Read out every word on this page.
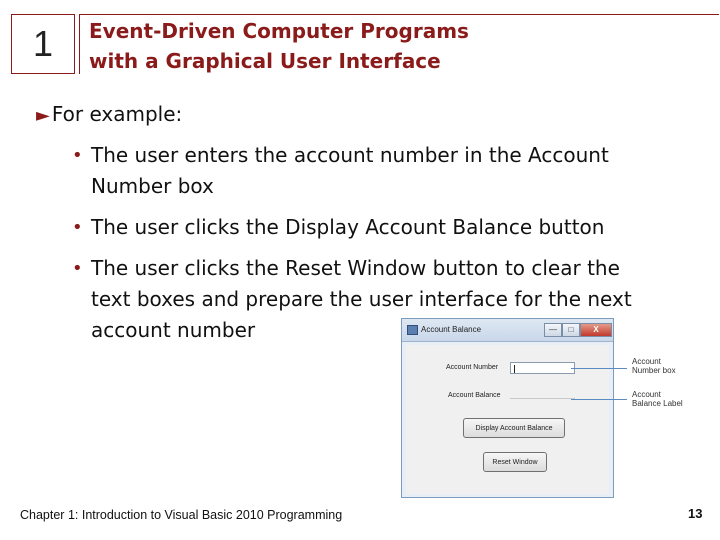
1 Event-Driven Computer Programs
with a Graphical User Interface
► For example:
• The user enters the account number in the Account Number box
• The user clicks the Display Account Balance button
• The user clicks the Reset Window button to clear the text boxes and prepare the user interface for the next
account number	Account Balance	—	□	X
Account Number
Account Balance
Display Account Balance
Reset Window
Account
Number box
Account
Balance Label
Chapter 1: Introduction to Visual Basic 2010 Programming	13
